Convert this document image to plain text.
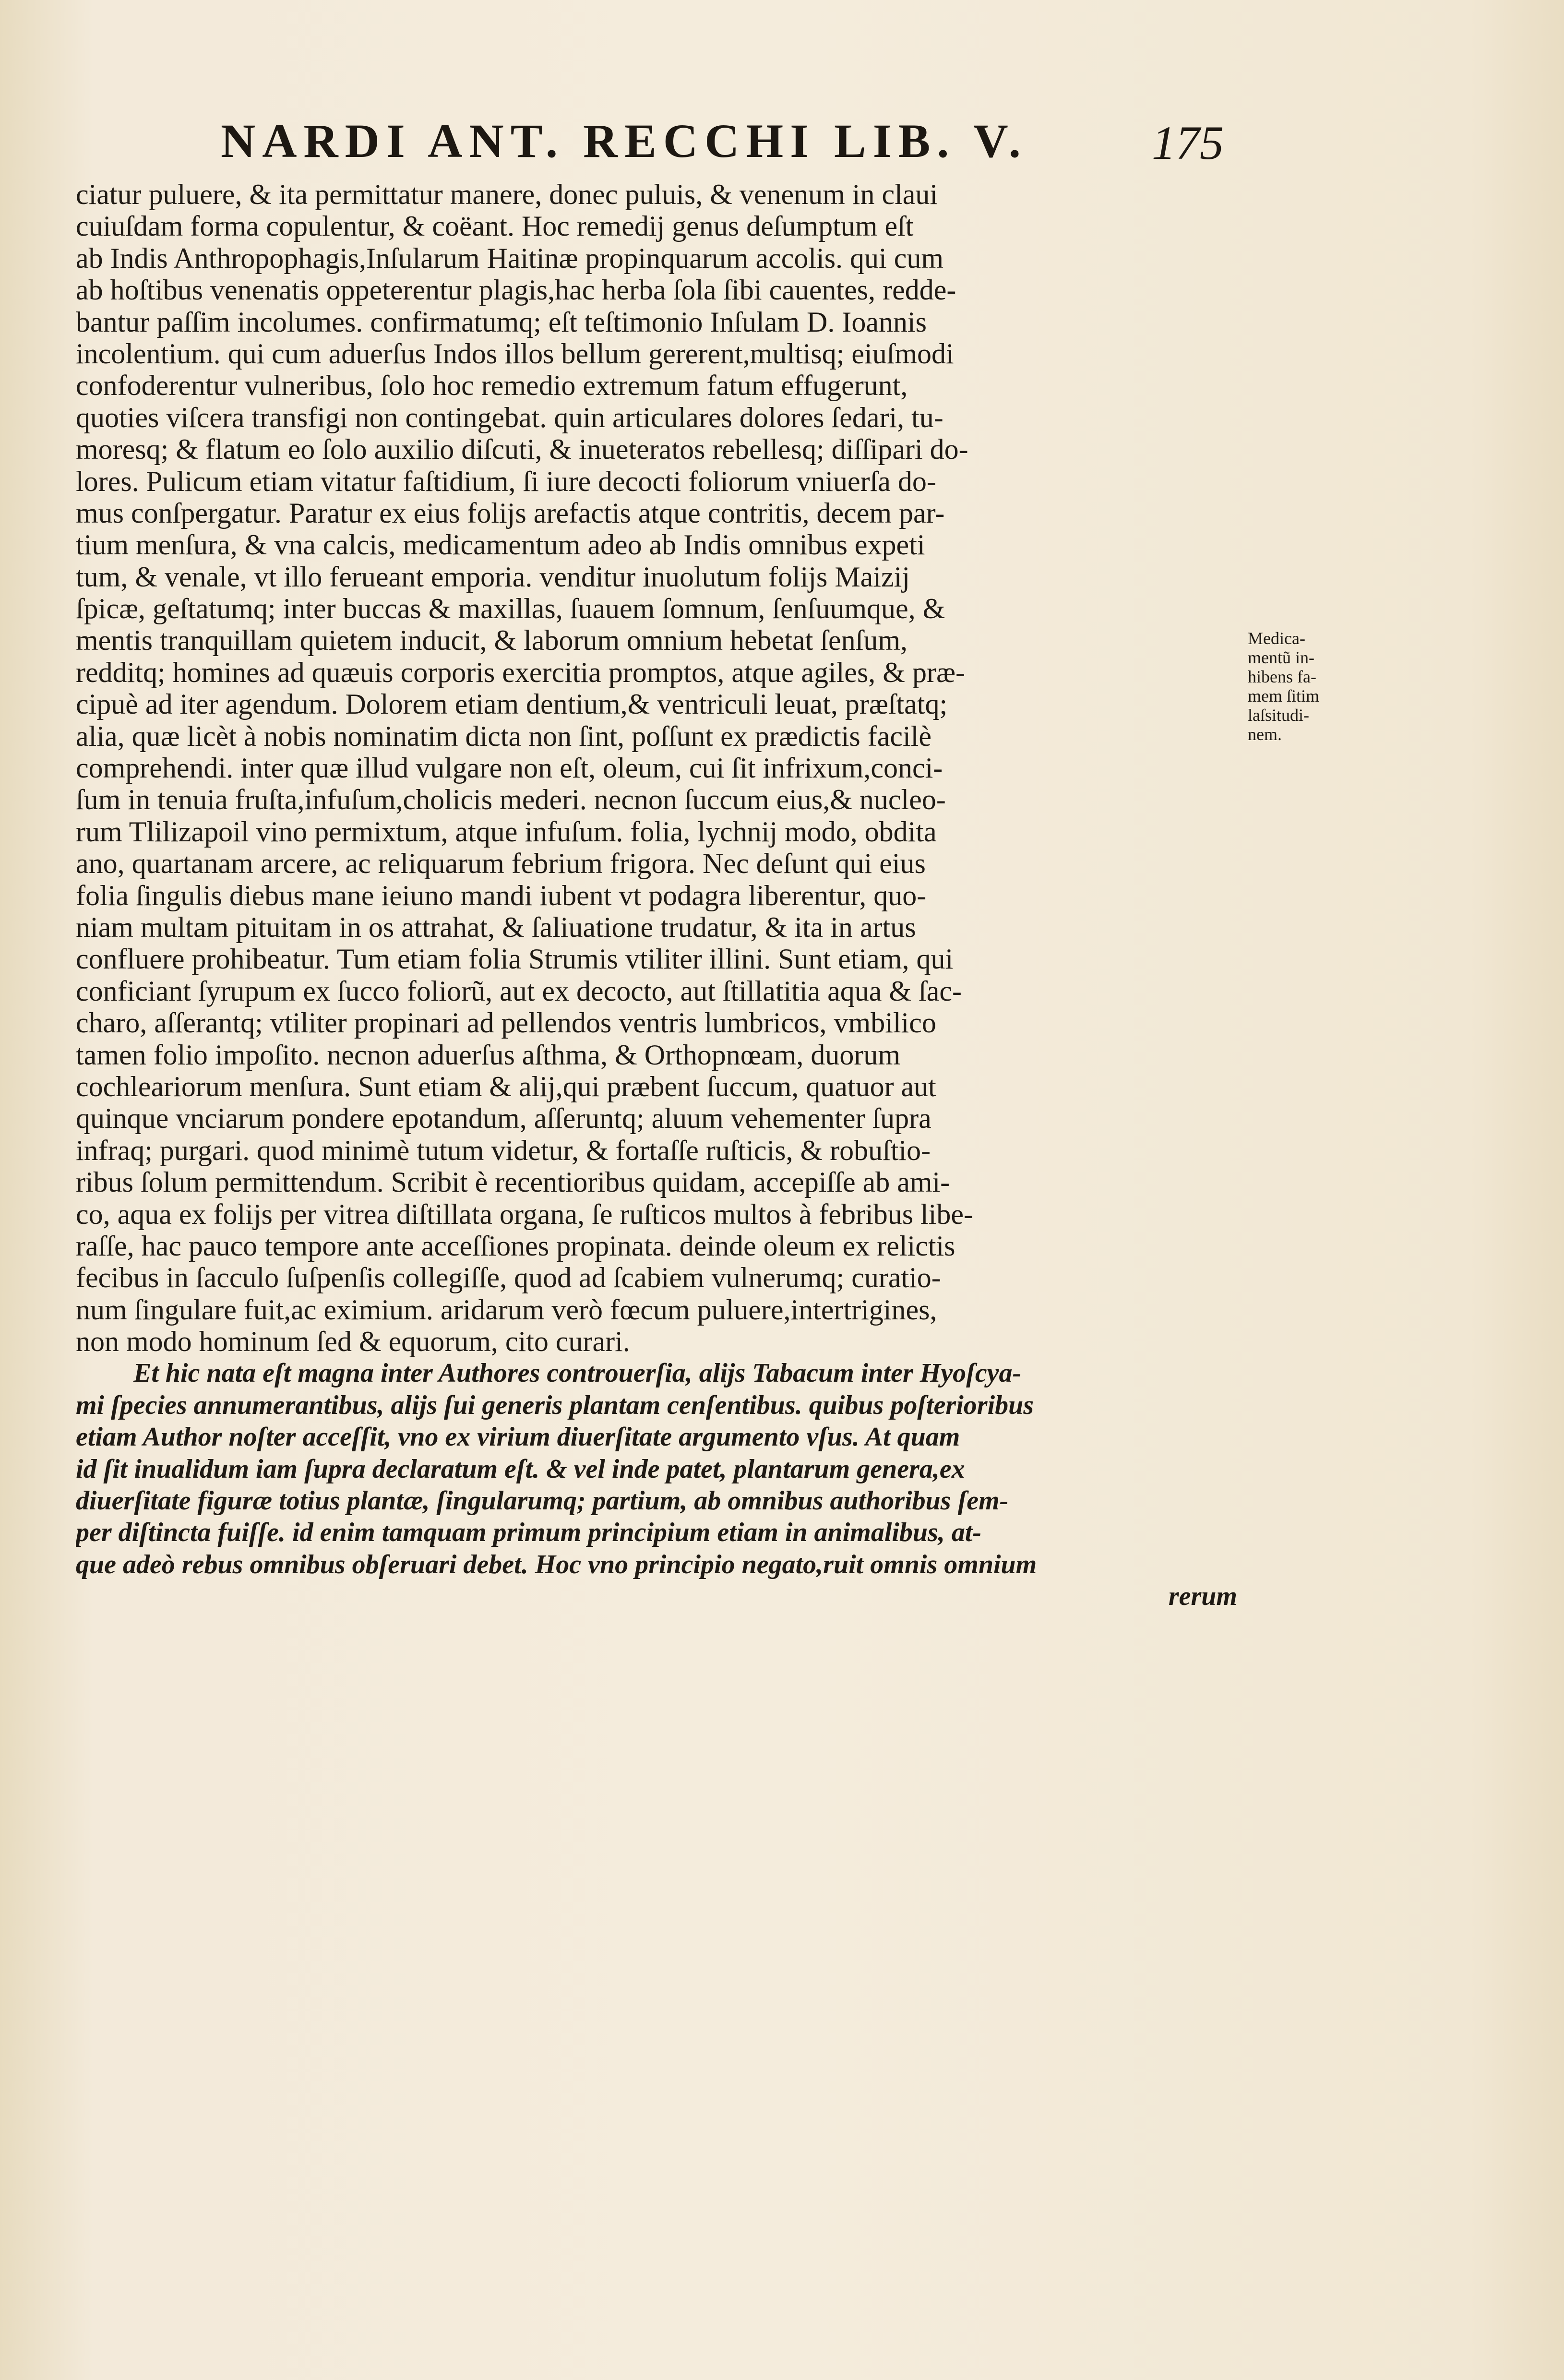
NARDI ANT. RECCHI LIB. V.	175
ciatur puluere, & ita permittatur manere, donec puluis, & venenum in claui
cuiuſdam forma copulentur, & coëant. Hoc remedij genus deſumptum eſt
ab Indis Anthropophagis,Inſularum Haitinæ propinquarum accolis. qui cum
ab hoſtibus venenatis oppeterentur plagis,hac herba ſola ſibi cauentes, redde-
bantur paſſim incolumes. confirmatumq; eſt teſtimonio Inſulam D. Ioannis
incolentium. qui cum aduerſus Indos illos bellum gererent,multisq; eiuſmodi
confoderentur vulneribus, ſolo hoc remedio extremum fatum effugerunt,
quoties viſcera transfigi non contingebat. quin articulares dolores ſedari, tu-
moresq; & flatum eo ſolo auxilio diſcuti, & inueteratos rebellesq; diſſipari do-
lores. Pulicum etiam vitatur faſtidium, ſi iure decocti foliorum vniuerſa do-
mus conſpergatur. Paratur ex eius folijs arefactis atque contritis, decem par-
tium menſura, & vna calcis, medicamentum adeo ab Indis omnibus expeti
tum, & venale, vt illo ferueant emporia. venditur inuolutum folijs Maizij
ſpicæ, geſtatumq; inter buccas & maxillas, ſuauem ſomnum, ſenſuumque, &
mentis tranquillam quietem inducit, & laborum omnium hebetat ſenſum,
redditq; homines ad quæuis corporis exercitia promptos, atque agiles, & præ-
cipuè ad iter agendum. Dolorem etiam dentium,& ventriculi leuat, præſtatq;
alia, quæ licèt à nobis nominatim dicta non ſint, poſſunt ex prædictis facilè
comprehendi. inter quæ illud vulgare non eſt, oleum, cui ſit infrixum,conci-
ſum in tenuia fruſta,infuſum,cholicis mederi. necnon ſuccum eius,& nucleo-
rum Tlilizapoil vino permixtum, atque infuſum. folia, lychnij modo, obdita
ano, quartanam arcere, ac reliquarum febrium frigora. Nec deſunt qui eius
folia ſingulis diebus mane ieiuno mandi iubent vt podagra liberentur, quo-
niam multam pituitam in os attrahat, & ſaliuatione trudatur, & ita in artus
confluere prohibeatur. Tum etiam folia Strumis vtiliter illini. Sunt etiam, qui
conficiant ſyrupum ex ſucco foliorũ, aut ex decocto, aut ſtillatitia aqua & ſac-
charo, aſſerantq; vtiliter propinari ad pellendos ventris lumbricos, vmbilico
tamen folio impoſito. necnon aduerſus aſthma, & Orthopnœam, duorum
cochleariorum menſura. Sunt etiam & alij,qui præbent ſuccum, quatuor aut
quinque vnciarum pondere epotandum, aſſeruntq; aluum vehementer ſupra
infraq; purgari. quod minimè tutum videtur, & fortaſſe ruſticis, & robuſtio-
ribus ſolum permittendum. Scribit è recentioribus quidam, accepiſſe ab ami-
co, aqua ex folijs per vitrea diſtillata organa, ſe ruſticos multos à febribus libe-
raſſe, hac pauco tempore ante acceſſiones propinata. deinde oleum ex relictis
fecibus in ſacculo ſuſpenſis collegiſſe, quod ad ſcabiem vulnerumq; curatio-
num ſingulare fuit,ac eximium. aridarum verò fœcum puluere,intertrigines,
non modo hominum ſed & equorum, cito curari.
Et hic nata eſt magna inter Authores controuerſia, alijs Tabacum inter Hyoſcya-
mi ſpecies annumerantibus, alijs ſui generis plantam cenſentibus. quibus poſterioribus
etiam Author noſter acceſſit, vno ex virium diuerſitate argumento vſus. At quam
id ſit inualidum iam ſupra declaratum eſt. & vel inde patet, plantarum genera,ex
diuerſitate figuræ totius plantæ, ſingularumq; partium, ab omnibus authoribus ſem-
per diſtincta fuiſſe. id enim tamquam primum principium etiam in animalibus, at-
que adeò rebus omnibus obſeruari debet. Hoc vno principio negato,ruit omnis omnium
rerum
Medica-
mentũ in-
hibens fa-
mem ſitim
laſsitudi-
nem.
